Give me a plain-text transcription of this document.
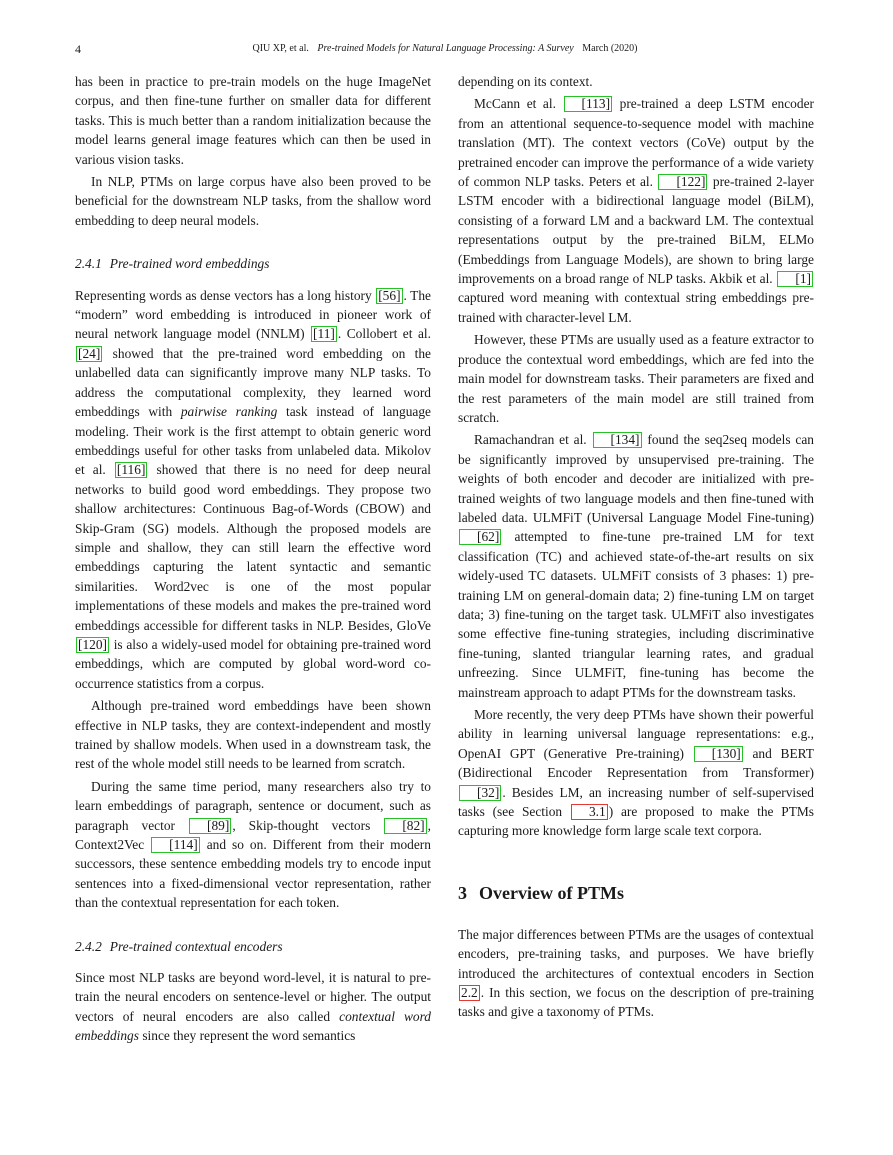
4	QIU XP, et al. Pre-trained Models for Natural Language Processing: A Survey March (2020)

has been in practice to pre-train models on the huge ImageNet corpus, and then fine-tune further on smaller data for different tasks. This is much better than a random initialization because the model learns general image features which can then be used in various vision tasks.

In NLP, PTMs on large corpus have also been proved to be beneficial for the downstream NLP tasks, from the shallow word embedding to deep neural models.

2.4.1 Pre-trained word embeddings

Representing words as dense vectors has a long history [56] . The “modern” word embedding is introduced in pioneer work of neural network language model (NNLM) [11] . Collobert et al. [24] showed that the pre-trained word embedding on the unlabelled data can significantly improve many NLP tasks. To address the computational complexity, they learned word embeddings with pairwise ranking task instead of language modeling. Their work is the first attempt to obtain generic word embeddings useful for other tasks from unlabeled data. Mikolov et al. [116] showed that there is no need for deep neural networks to build good word embeddings. They propose two shallow architectures: Continuous Bag-of-Words (CBOW) and Skip-Gram (SG) models. Although the proposed models are simple and shallow, they can still learn the effective word embeddings capturing the latent syntactic and semantic similarities. Word2vec is one of the most popular implementations of these models and makes the pre-trained word embeddings accessible for different tasks in NLP. Besides, GloVe [120] is also a widely-used model for obtaining pre-trained word embeddings, which are computed by global word-word co-occurrence statistics from a corpus.

Although pre-trained word embeddings have been shown effective in NLP tasks, they are context-independent and mostly trained by shallow models. When used in a downstream task, the rest of the whole model still needs to be learned from scratch.

During the same time period, many researchers also try to learn embeddings of paragraph, sentence or document, such as paragraph vector [89] , Skip-thought vectors [82] , Context2Vec [114] and so on. Different from their modern successors, these sentence embedding models try to encode input sentences into a fixed-dimensional vector representation, rather than the contextual representation for each token.

2.4.2 Pre-trained contextual encoders

Since most NLP tasks are beyond word-level, it is natural to pre-train the neural encoders on sentence-level or higher. The output vectors of neural encoders are also called contextual word embeddings since they represent the word semantics

depending on its context.

McCann et al. [113] pre-trained a deep LSTM encoder from an attentional sequence-to-sequence model with machine translation (MT). The context vectors (CoVe) output by the pretrained encoder can improve the performance of a wide variety of common NLP tasks. Peters et al. [122] pre-trained 2-layer LSTM encoder with a bidirectional language model (BiLM), consisting of a forward LM and a backward LM. The contextual representations output by the pre-trained BiLM, ELMo (Embeddings from Language Models), are shown to bring large improvements on a broad range of NLP tasks. Akbik et al. [1] captured word meaning with contextual string embeddings pre-trained with character-level LM.

However, these PTMs are usually used as a feature extractor to produce the contextual word embeddings, which are fed into the main model for downstream tasks. Their parameters are fixed and the rest parameters of the main model are still trained from scratch.

Ramachandran et al. [134] found the seq2seq models can be significantly improved by unsupervised pre-training. The weights of both encoder and decoder are initialized with pre-trained weights of two language models and then fine-tuned with labeled data. ULMFiT (Universal Language Model Fine-tuning) [62] attempted to fine-tune pre-trained LM for text classification (TC) and achieved state-of-the-art results on six widely-used TC datasets. ULMFiT consists of 3 phases: 1) pre-training LM on general-domain data; 2) fine-tuning LM on target data; 3) fine-tuning on the target task. ULMFiT also investigates some effective fine-tuning strategies, including discriminative fine-tuning, slanted triangular learning rates, and gradual unfreezing. Since ULMFiT, fine-tuning has become the mainstream approach to adapt PTMs for the downstream tasks.

More recently, the very deep PTMs have shown their powerful ability in learning universal language representations: e.g., OpenAI GPT (Generative Pre-training) [130] and BERT (Bidirectional Encoder Representation from Transformer) [32] . Besides LM, an increasing number of self-supervised tasks (see Section 3.1 ) are proposed to make the PTMs capturing more knowledge form large scale text corpora.

3 Overview of PTMs

The major differences between PTMs are the usages of contextual encoders, pre-training tasks, and purposes. We have briefly introduced the architectures of contextual encoders in Section 2.2 . In this section, we focus on the description of pre-training tasks and give a taxonomy of PTMs.
